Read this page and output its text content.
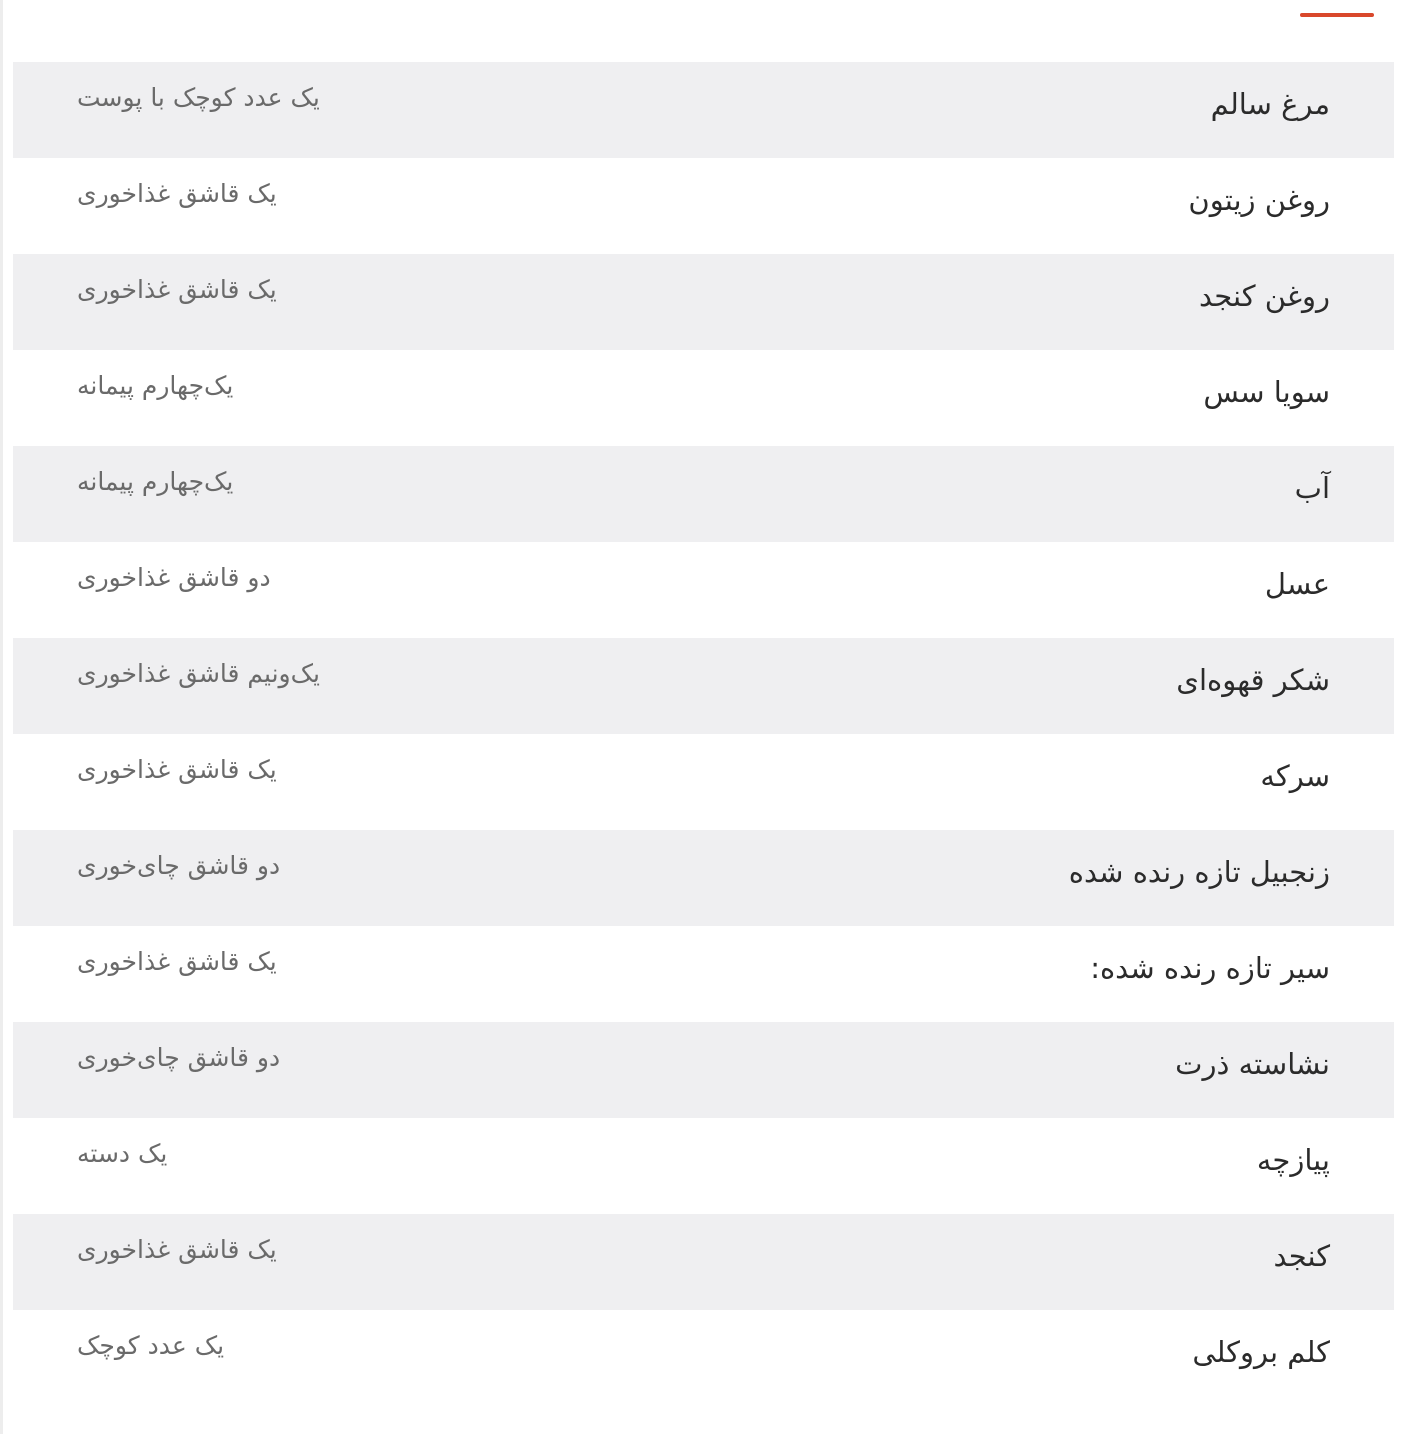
مرغ سالم
یک عدد کوچک با پوست
روغن زیتون
یک قاشق غذاخوری
روغن کنجد
یک قاشق غذاخوری
سویا سس
یک‌چهارم پیمانه
آب
یک‌چهارم پیمانه
عسل
دو قاشق غذاخوری
شکر قهوه‌ای
یک‌ونیم قاشق غذاخوری
سرکه
یک قاشق غذاخوری
زنجبیل تازه رنده شده
دو قاشق چای‌خوری
سیر تازه رنده شده:
یک قاشق غذاخوری
نشاسته ذرت
دو قاشق چای‌خوری
پیازچه
یک دسته
کنجد
یک قاشق غذاخوری
کلم بروکلی
یک عدد کوچک
